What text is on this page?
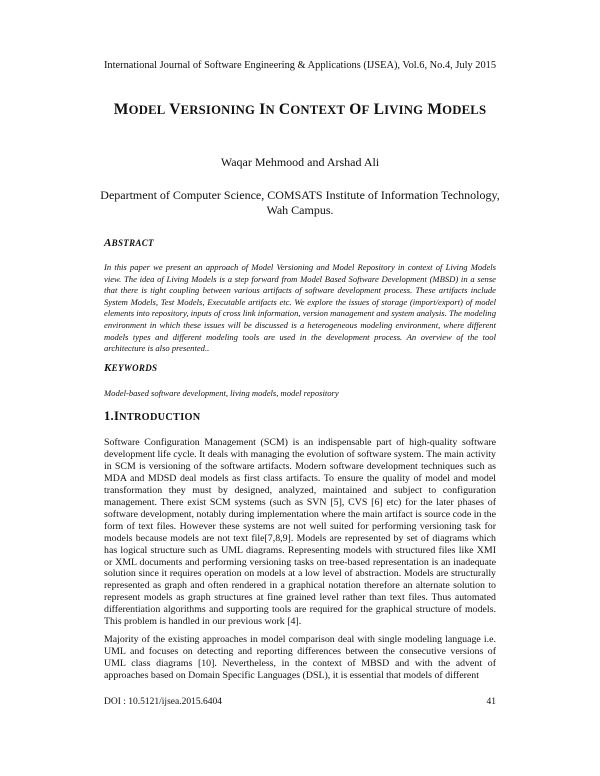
International Journal of Software Engineering & Applications (IJSEA), Vol.6, No.4, July 2015
MODEL VERSIONING IN CONTEXT OF LIVING MODELS
Waqar Mehmood and Arshad Ali
Department of Computer Science, COMSATS Institute of Information Technology, Wah Campus.
ABSTRACT
In this paper we present an approach of Model Versioning and Model Repository in context of Living Models view. The idea of Living Models is a step forward from Model Based Software Development (MBSD) in a sense that there is tight coupling between various artifacts of software development process. These artifacts include System Models, Test Models, Executable artifacts etc. We explore the issues of storage (import/export) of model elements into repository, inputs of cross link information, version management and system analysis. The modeling environment in which these issues will be discussed is a heterogeneous modeling environment, where different models types and different modeling tools are used in the development process. An overview of the tool architecture is also presented..
KEYWORDS
Model-based software development, living models, model repository
1.INTRODUCTION
Software Configuration Management (SCM) is an indispensable part of high-quality software development life cycle. It deals with managing the evolution of software system. The main activity in SCM is versioning of the software artifacts. Modern software development techniques such as MDA and MDSD deal models as first class artifacts. To ensure the quality of model and model transformation they must by designed, analyzed, maintained and subject to configuration management. There exist SCM systems (such as SVN [5], CVS [6] etc) for the later phases of software development, notably during implementation where the main artifact is source code in the form of text files. However these systems are not well suited for performing versioning task for models because models are not text file[7,8,9]. Models are represented by set of diagrams which has logical structure such as UML diagrams. Representing models with structured files like XMI or XML documents and performing versioning tasks on tree-based representation is an inadequate solution since it requires operation on models at a low level of abstraction. Models are structurally represented as graph and often rendered in a graphical notation therefore an alternate solution to represent models as graph structures at fine grained level rather than text files. Thus automated differentiation algorithms and supporting tools are required for the graphical structure of models. This problem is handled in our previous work [4].
Majority of the existing approaches in model comparison deal with single modeling language i.e. UML and focuses on detecting and reporting differences between the consecutive versions of UML class diagrams [10]. Nevertheless, in the context of MBSD and with the advent of approaches based on Domain Specific Languages (DSL), it is essential that models of different
DOI : 10.5121/ijsea.2015.6404	41
